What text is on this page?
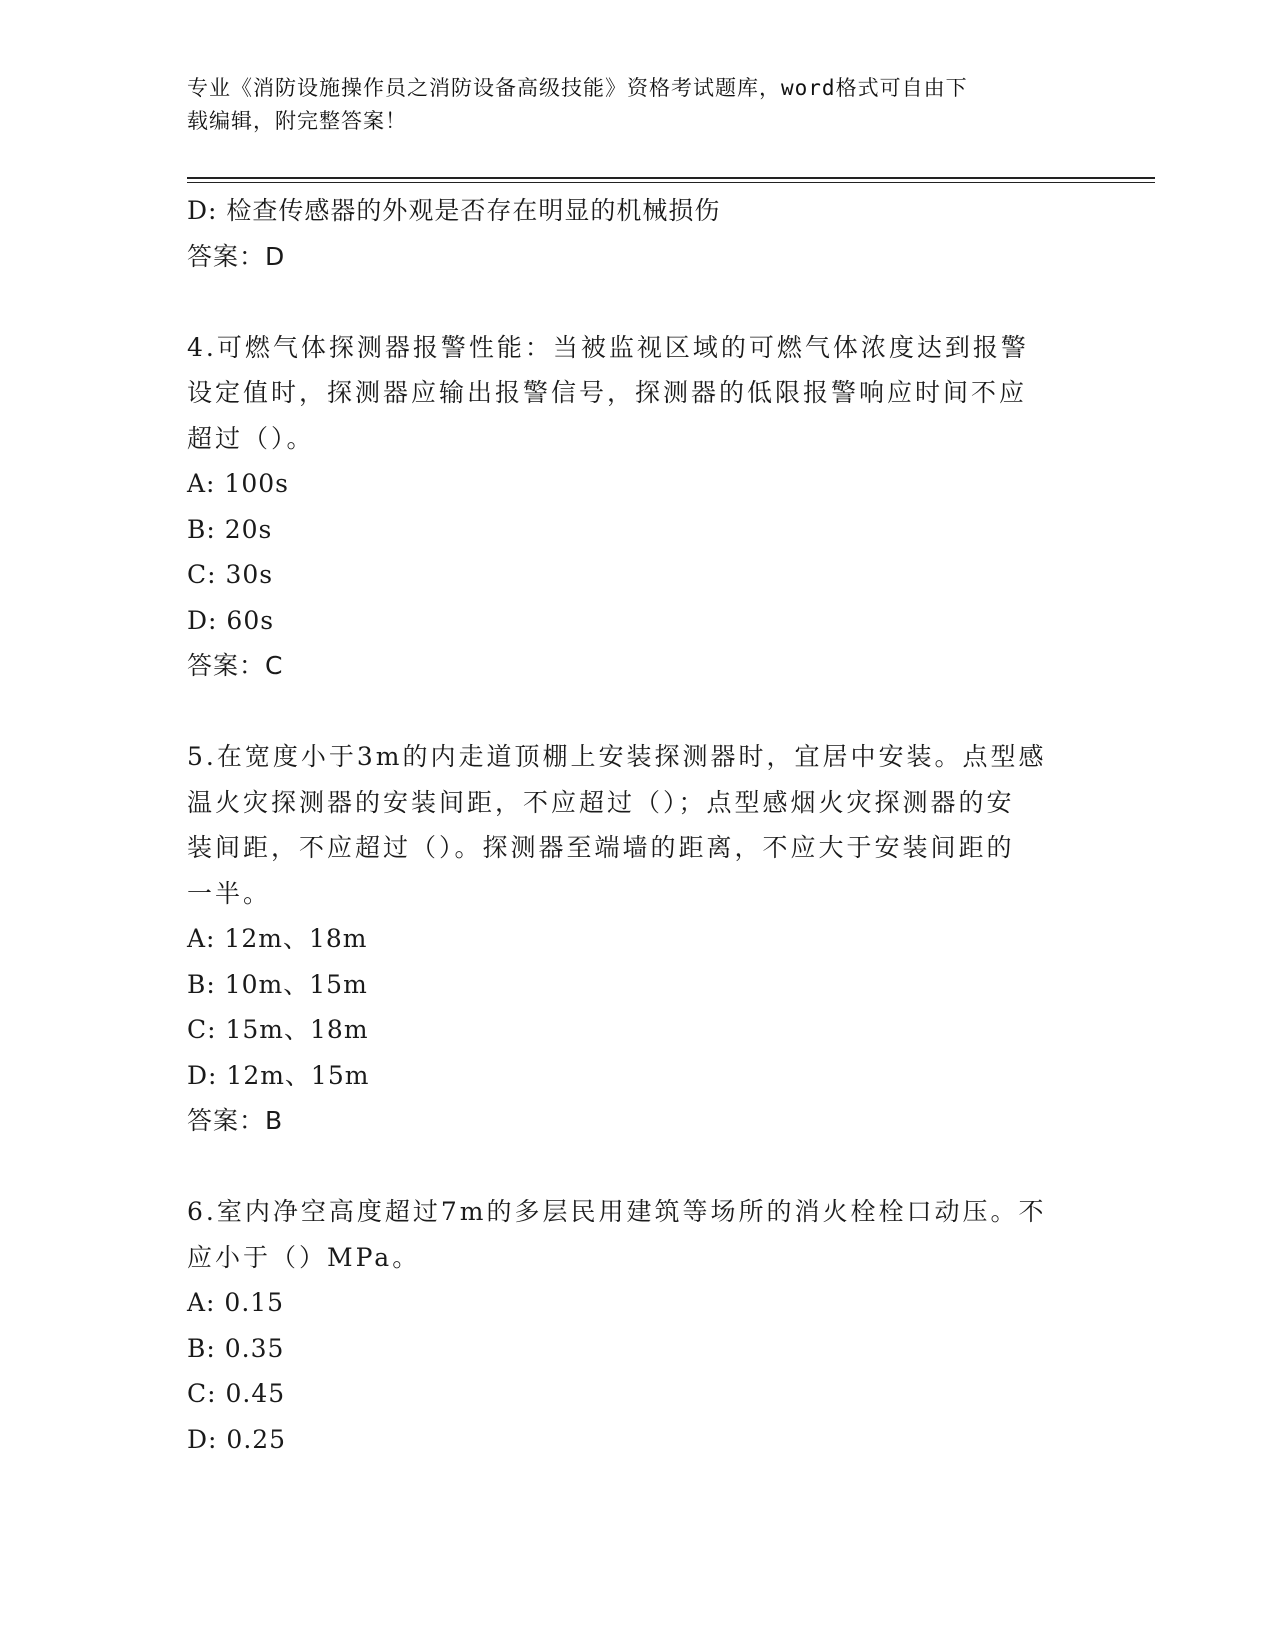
专业《消防设施操作员之消防设备高级技能》资格考试题库，word格式可自由下
载编辑，附完整答案！
D: 检查传感器的外观是否存在明显的机械损伤
答案：D
4.可燃气体探测器报警性能：当被监视区域的可燃气体浓度达到报警
设定值时，探测器应输出报警信号，探测器的低限报警响应时间不应
超过（）。
A: 100s
B: 20s
C: 30s
D: 60s
答案：C
5.在宽度小于3m的内走道顶棚上安装探测器时，宜居中安装。点型感
温火灾探测器的安装间距，不应超过（）；点型感烟火灾探测器的安
装间距，不应超过（）。探测器至端墙的距离，不应大于安装间距的
一半。
A: 12m、18m
B: 10m、15m
C: 15m、18m
D: 12m、15m
答案：B
6.室内净空高度超过7m的多层民用建筑等场所的消火栓栓口动压。不
应小于（）MPa。
A: 0.15
B: 0.35
C: 0.45
D: 0.25
